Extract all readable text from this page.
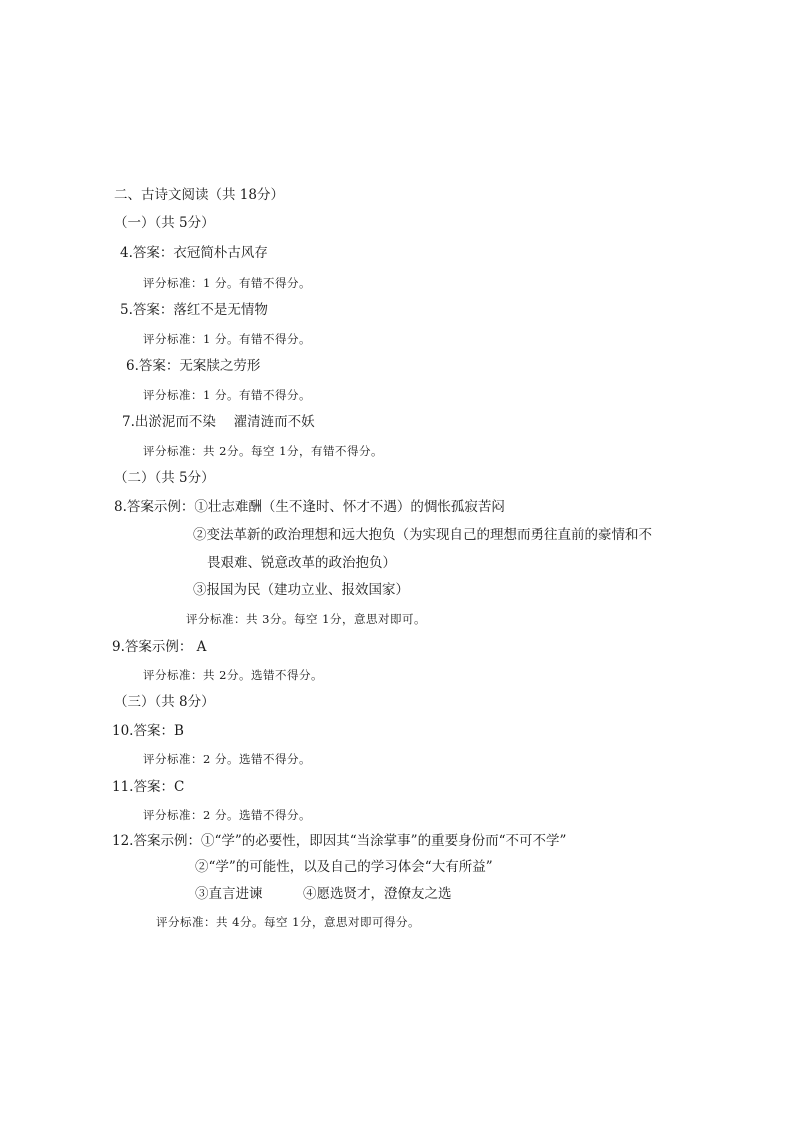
二、古诗文阅读（共 18分）
（一）（共 5分）
4.答案：衣冠简朴古风存
评分标准：1 分。有错不得分。
5.答案：落红不是无情物
评分标准：1 分。有错不得分。
6.答案：无案牍之劳形
评分标准：1 分。有错不得分。
7.出淤泥而不染　 濯清涟而不妖
评分标准：共 2分。每空 1分，有错不得分。
（二）（共 5分）
8.答案示例：①壮志难酬（生不逢时、怀才不遇）的惆怅孤寂苦闷
②变法革新的政治理想和远大抱负（为实现自己的理想而勇往直前的豪情和不
畏艰难、锐意改革的政治抱负）
③报国为民（建功立业、报效国家）
评分标准：共 3分。每空 1分，意思对即可。
9.答案示例： A
评分标准：共 2分。选错不得分。
（三）（共 8分）
10.答案：B
评分标准：2 分。选错不得分。
11.答案：C
评分标准：2 分。选错不得分。
12.答案示例：①“学”的必要性，即因其“当涂掌事”的重要身份而“不可不学”
②“学”的可能性，以及自己的学习体会“大有所益”
③直言进谏　　　④愿选贤才，澄僚友之选
评分标准：共 4分。每空 1分，意思对即可得分。
